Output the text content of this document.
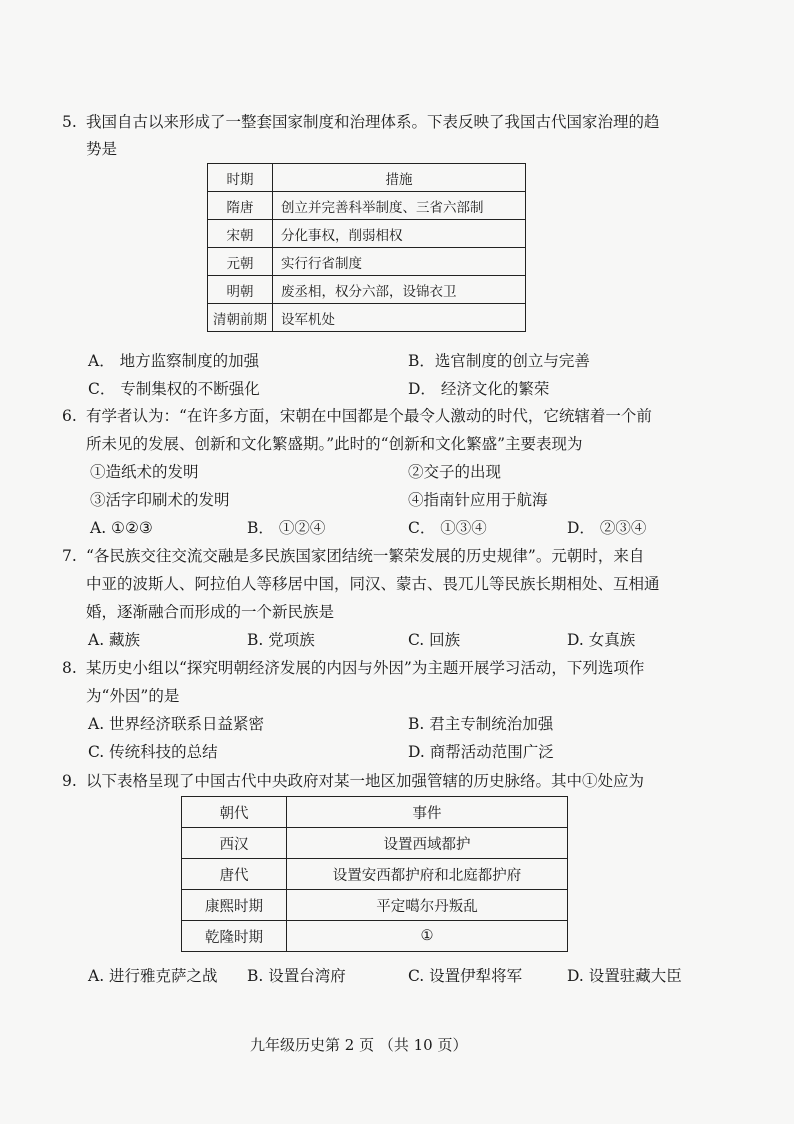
5. 我国自古以来形成了一整套国家制度和治理体系。下表反映了我国古代国家治理的趋
势是
时期	措施
隋唐	创立并完善科举制度、三省六部制
宋朝	分化事权，削弱相权
元朝	实行行省制度
明朝	废丞相，权分六部，设锦衣卫
清朝前期	设军机处
A． 地方监察制度的加强	B．选官制度的创立与完善
C． 专制集权的不断强化	D． 经济文化的繁荣
6. 有学者认为：“在许多方面，宋朝在中国都是个最令人激动的时代，它统辖着一个前
所未见的发展、创新和文化繁盛期。”此时的“创新和文化繁盛”主要表现为
①造纸术的发明	②交子的出现
③活字印刷术的发明	④指南针应用于航海
A. ①②③	B． ①②④	C． ①③④	D． ②③④
7. “各民族交往交流交融是多民族国家团结统一繁荣发展的历史规律”。元朝时，来自
中亚的波斯人、阿拉伯人等移居中国，同汉、蒙古、畏兀儿等民族长期相处、互相通
婚，逐渐融合而形成的一个新民族是
A. 藏族	B. 党项族	C. 回族	D. 女真族
8. 某历史小组以“探究明朝经济发展的内因与外因”为主题开展学习活动，下列选项作
为“外因”的是
A. 世界经济联系日益紧密	B. 君主专制统治加强
C. 传统科技的总结	D. 商帮活动范围广泛
9. 以下表格呈现了中国古代中央政府对某一地区加强管辖的历史脉络。其中①处应为
朝代	事件
西汉	设置西域都护
唐代	设置安西都护府和北庭都护府
康熙时期	平定噶尔丹叛乱
乾隆时期	①
A. 进行雅克萨之战 B. 设置台湾府	C. 设置伊犁将军	D. 设置驻藏大臣
九年级历史第 2 页 （共 10 页）
